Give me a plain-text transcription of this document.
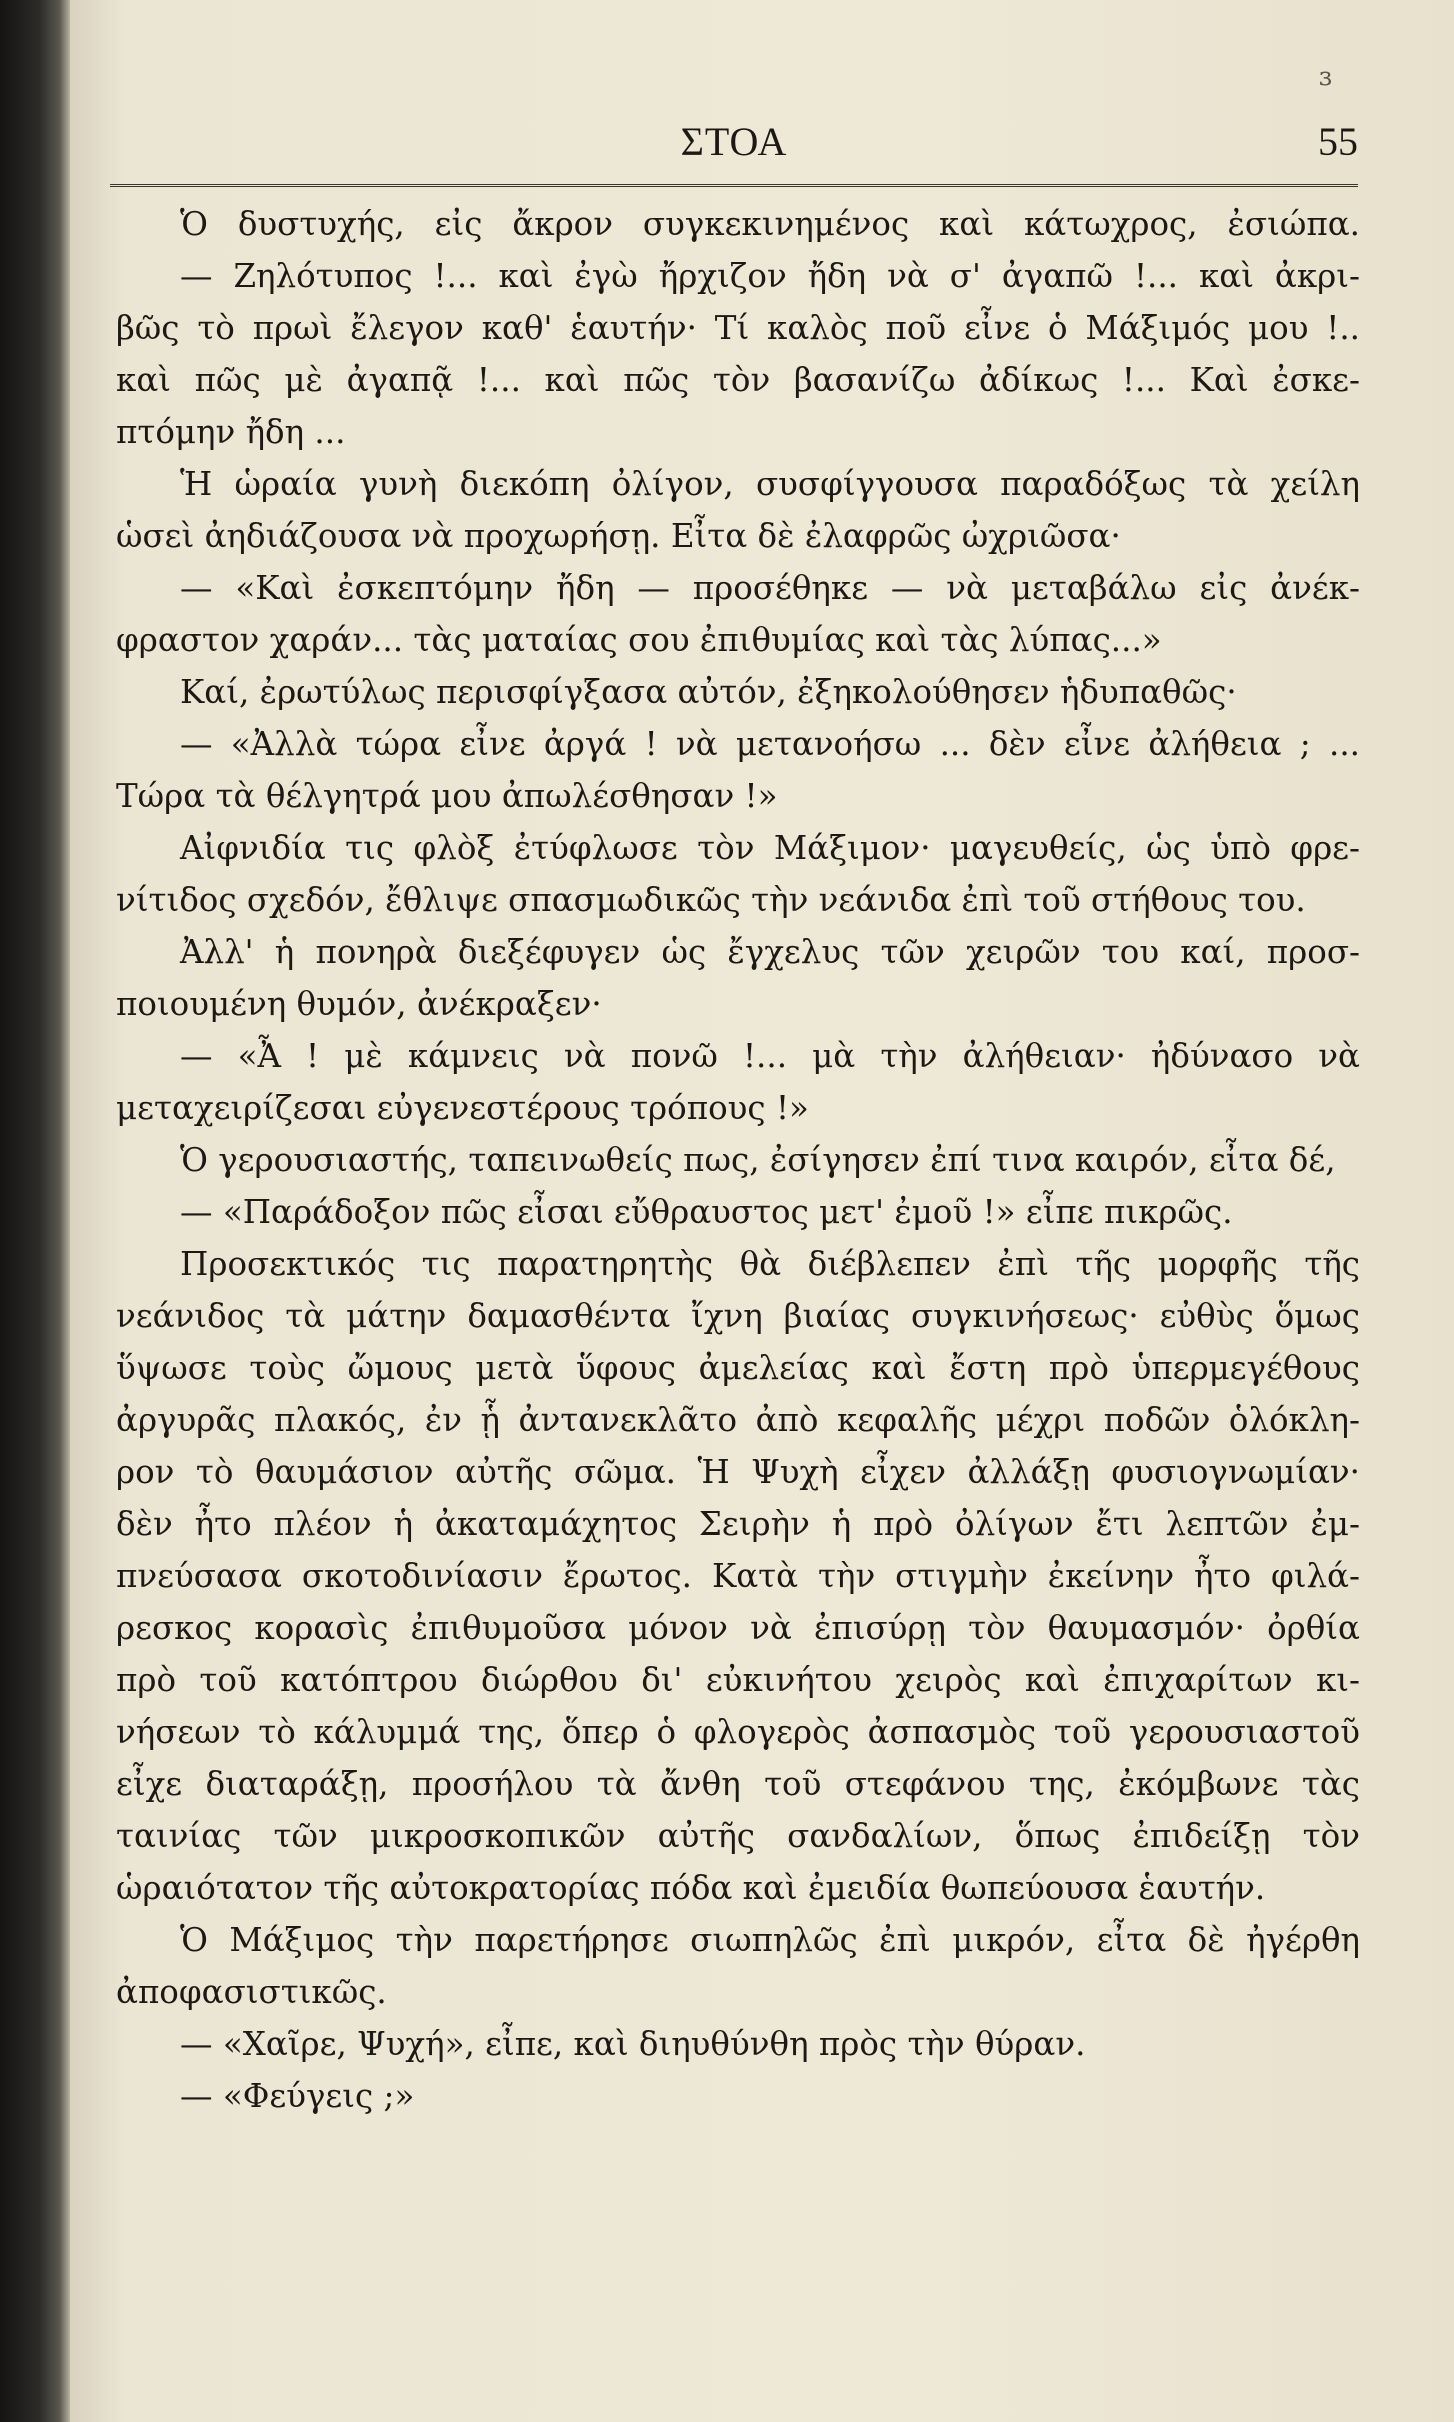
ɜ
ΣΤΟΑ	55
Ὁ δυστυχής, εἰς ἄκρον συγκεκινημένος καὶ κάτωχρος, ἐσιώπα.
— Ζηλότυπος !... καὶ ἐγὼ ἤρχιζον ἤδη νὰ σ' ἀγαπῶ !... καὶ ἀκρι-
βῶς τὸ πρωὶ ἔλεγον καθ' ἑαυτήν· Τί καλὸς ποῦ εἶνε ὁ Μάξιμός μου !..
καὶ πῶς μὲ ἀγαπᾷ !... καὶ πῶς τὸν βασανίζω ἀδίκως !... Καὶ ἐσκε-
πτόμην ἤδη ...
Ἡ ὡραία γυνὴ διεκόπη ὀλίγον, συσφίγγουσα παραδόξως τὰ χείλη
ὡσεὶ ἀηδιάζουσα νὰ προχωρήσῃ. Εἶτα δὲ ἐλαφρῶς ὠχριῶσα·
— «Καὶ ἐσκεπτόμην ἤδη — προσέθηκε — νὰ μεταβάλω εἰς ἀνέκ-
φραστον χαράν... τὰς ματαίας σου ἐπιθυμίας καὶ τὰς λύπας...»
Καί, ἐρωτύλως περισφίγξασα αὐτόν, ἐξηκολούθησεν ἡδυπαθῶς·
— «Ἀλλὰ τώρα εἶνε ἀργά ! νὰ μετανοήσω ... δὲν εἶνε ἀλήθεια ; ...
Τώρα τὰ θέλγητρά μου ἀπωλέσθησαν !»
Αἰφνιδία τις φλὸξ ἐτύφλωσε τὸν Μάξιμον· μαγευθείς, ὡς ὑπὸ φρε-
νίτιδος σχεδόν, ἔθλιψε σπασμωδικῶς τὴν νεάνιδα ἐπὶ τοῦ στήθους του.
Ἀλλ' ἡ πονηρὰ διεξέφυγεν ὡς ἔγχελυς τῶν χειρῶν του καί, προσ-
ποιουμένη θυμόν, ἀνέκραξεν·
— «Ἆ ! μὲ κάμνεις νὰ πονῶ !... μὰ τὴν ἀλήθειαν· ἠδύνασο νὰ
μεταχειρίζεσαι εὐγενεστέρους τρόπους !»
Ὁ γερουσιαστής, ταπεινωθείς πως, ἐσίγησεν ἐπί τινα καιρόν, εἶτα δέ,
— «Παράδοξον πῶς εἶσαι εὔθραυστος μετ' ἐμοῦ !» εἶπε πικρῶς.
Προσεκτικός τις παρατηρητὴς θὰ διέβλεπεν ἐπὶ τῆς μορφῆς τῆς
νεάνιδος τὰ μάτην δαμασθέντα ἴχνη βιαίας συγκινήσεως· εὐθὺς ὅμως
ὕψωσε τοὺς ὤμους μετὰ ὕφους ἀμελείας καὶ ἔστη πρὸ ὑπερμεγέθους
ἀργυρᾶς πλακός, ἐν ᾗ ἀντανεκλᾶτο ἀπὸ κεφαλῆς μέχρι ποδῶν ὁλόκλη-
ρον τὸ θαυμάσιον αὐτῆς σῶμα. Ἡ Ψυχὴ εἶχεν ἀλλάξῃ φυσιογνωμίαν·
δὲν ἦτο πλέον ἡ ἀκαταμάχητος Σειρὴν ἡ πρὸ ὀλίγων ἔτι λεπτῶν ἐμ-
πνεύσασα σκοτοδινίασιν ἔρωτος. Κατὰ τὴν στιγμὴν ἐκείνην ἦτο φιλά-
ρεσκος κορασὶς ἐπιθυμοῦσα μόνον νὰ ἐπισύρῃ τὸν θαυμασμόν· ὀρθία
πρὸ τοῦ κατόπτρου διώρθου δι' εὐκινήτου χειρὸς καὶ ἐπιχαρίτων κι-
νήσεων τὸ κάλυμμά της, ὅπερ ὁ φλογερὸς ἀσπασμὸς τοῦ γερουσιαστοῦ
εἶχε διαταράξῃ, προσήλου τὰ ἄνθη τοῦ στεφάνου της, ἐκόμβωνε τὰς
ταινίας τῶν μικροσκοπικῶν αὐτῆς σανδαλίων, ὅπως ἐπιδείξῃ τὸν
ὡραιότατον τῆς αὐτοκρατορίας πόδα καὶ ἐμειδία θωπεύουσα ἑαυτήν.
Ὁ Μάξιμος τὴν παρετήρησε σιωπηλῶς ἐπὶ μικρόν, εἶτα δὲ ἠγέρθη
ἀποφασιστικῶς.
— «Χαῖρε, Ψυχή», εἶπε, καὶ διηυθύνθη πρὸς τὴν θύραν.
— «Φεύγεις ;»
